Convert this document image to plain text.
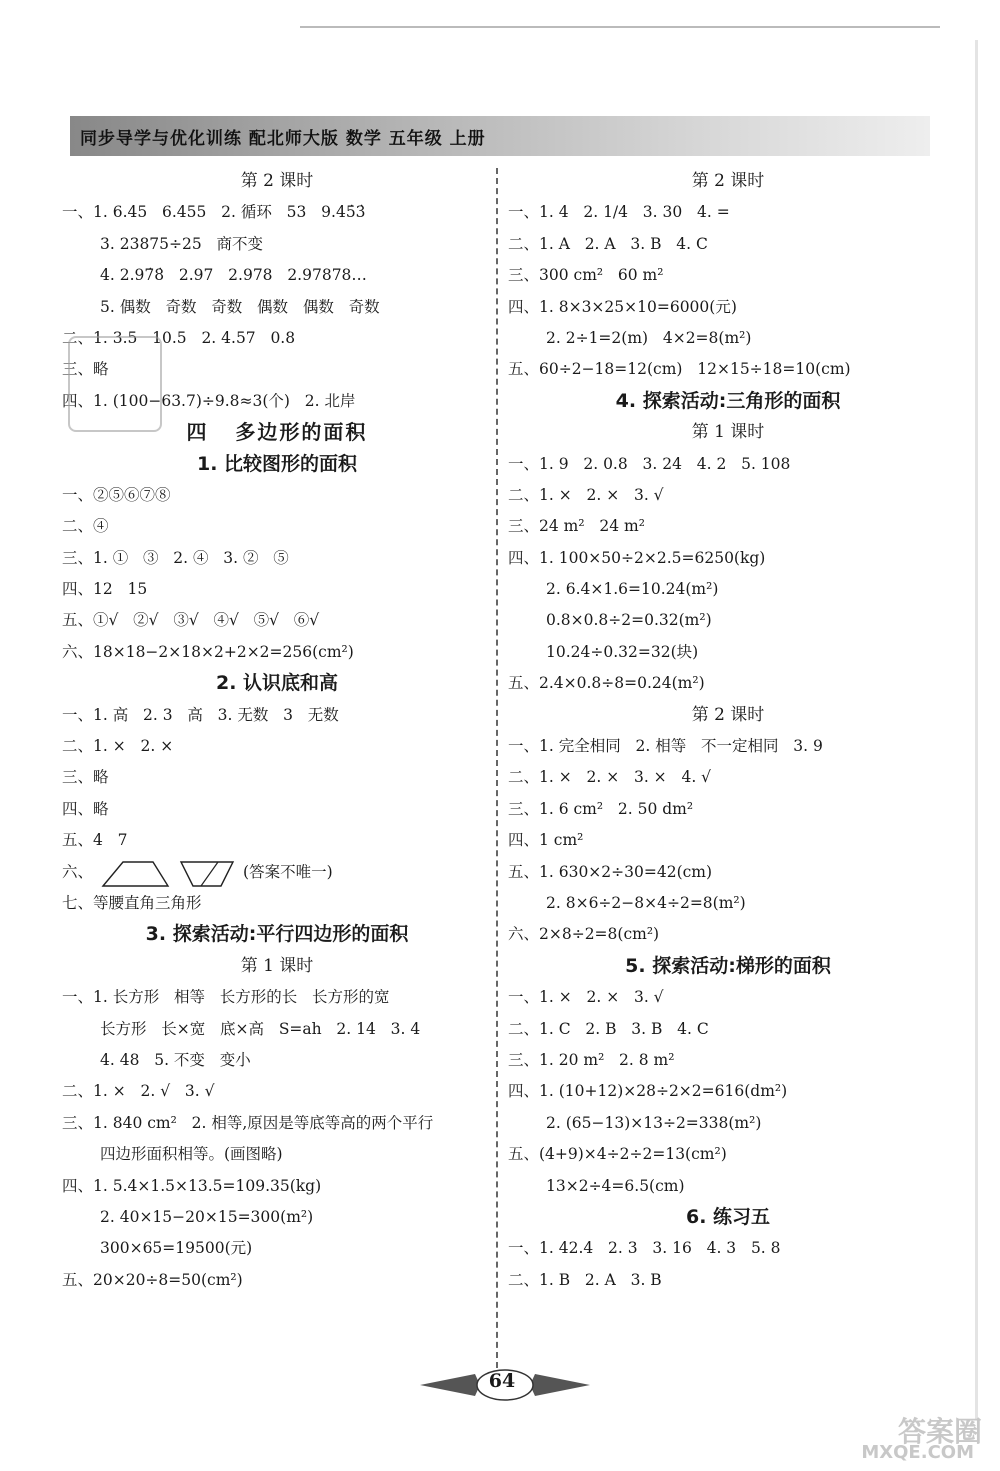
同步导学与优化训练 配北师大版 数学 五年级 上册
第 2 课时
一、1. 6.45   6.455   2. 循环   53   9.45̇3̇
3. 23875÷25   商不变
4. 2.97̇8̇   2.97   2.978   2.97878…
5. 偶数   奇数   奇数   偶数   偶数   奇数
二、1. 3.5   10.5   2. 4.57   0.8
三、略
四、1. (100−63.7)÷9.8≈3(个)   2. 北岸
四   多边形的面积
1. 比较图形的面积
一、②⑤⑥⑦⑧
二、④
三、1. ①   ③   2. ④   3. ②   ⑤
四、12   15
五、①√   ②√   ③√   ④√   ⑤√   ⑥√
六、18×18−2×18×2+2×2=256(cm²)
2. 认识底和高
一、1. 高   2. 3   高   3. 无数   3   无数
二、1. ×   2. ×
三、略
四、略
五、4   7
六、	(答案不唯一)
七、等腰直角三角形
3. 探索活动:平行四边形的面积
第 1 课时
一、1. 长方形   相等   长方形的长   长方形的宽
长方形   长×宽   底×高   S=ah   2. 14   3. 4
4. 48   5. 不变   变小
二、1. ×   2. √   3. √
三、1. 840 cm²   2. 相等,原因是等底等高的两个平行
四边形面积相等。(画图略)
四、1. 5.4×1.5×13.5=109.35(kg)
2. 40×15−20×15=300(m²)
300×65=19500(元)
五、20×20÷8=50(cm²)
第 2 课时
一、1. 4   2. 1/4   3. 30   4. =
二、1. A   2. A   3. B   4. C
三、300 cm²   60 m²
四、1. 8×3×25×10=6000(元)
2. 2÷1=2(m)   4×2=8(m²)
五、60÷2−18=12(cm)   12×15÷18=10(cm)
4. 探索活动:三角形的面积
第 1 课时
一、1. 9   2. 0.8   3. 24   4. 2   5. 108
二、1. ×   2. ×   3. √
三、24 m²   24 m²
四、1. 100×50÷2×2.5=6250(kg)
2. 6.4×1.6=10.24(m²)
0.8×0.8÷2=0.32(m²)
10.24÷0.32=32(块)
五、2.4×0.8÷8=0.24(m²)
第 2 课时
一、1. 完全相同   2. 相等   不一定相同   3. 9
二、1. ×   2. ×   3. ×   4. √
三、1. 6 cm²   2. 50 dm²
四、1 cm²
五、1. 630×2÷30=42(cm)
2. 8×6÷2−8×4÷2=8(m²)
六、2×8÷2=8(cm²)
5. 探索活动:梯形的面积
一、1. ×   2. ×   3. √
二、1. C   2. B   3. B   4. C
三、1. 20 m²   2. 8 m²
四、1. (10+12)×28÷2×2=616(dm²)
2. (65−13)×13÷2=338(m²)
五、(4+9)×4÷2÷2=13(cm²)
13×2÷4=6.5(cm)
6. 练习五
一、1. 42.4   2. 3   3. 16   4. 3   5. 8
二、1. B   2. A   3. B
64
答案圈
MXQE.COM
